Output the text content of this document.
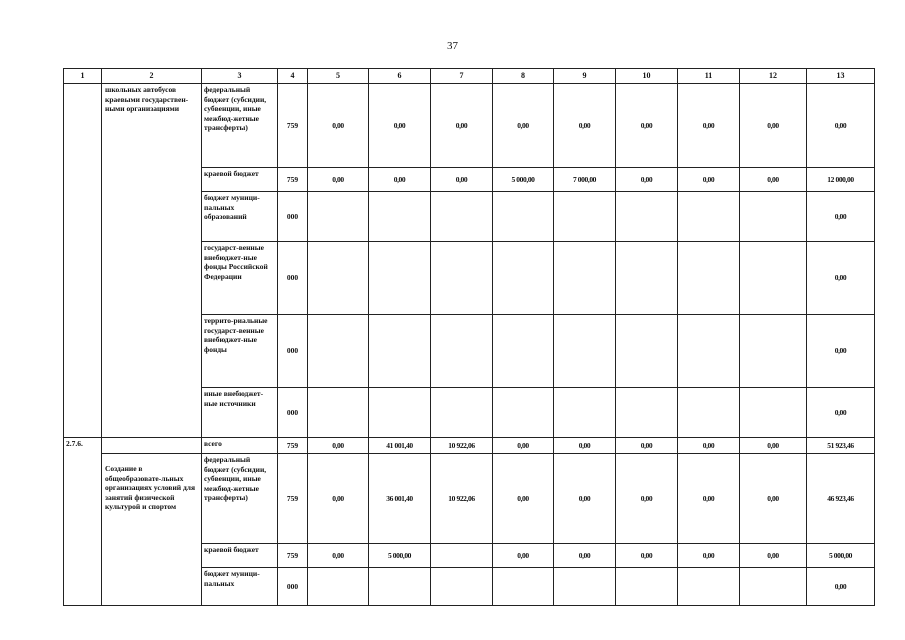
37
1	2	3	4	5	6	7	8	9	10	11	12	13
	школьных автобусов краевыми государствен-ными организациями	федеральный бюджет (субсидии, субвенции, иные межбюд-жетные трансферты)	759	0,00	0,00	0,00	0,00	0,00	0,00	0,00	0,00	0,00
		краевой бюджет	759	0,00	0,00	0,00	5 000,00	7 000,00	0,00	0,00	0,00	12 000,00
		бюджет муници-пальных образований	000									0,00
		государст-венные внебюджет-ные фонды Российской Федерации	000									0,00
		террито-риальные государст-венные внебюджет-ные фонды	000									0,00
		иные внебюджет-ные источники	000									0,00
2.7.6.		всего	759	0,00	41 001,40	10 922,06	0,00	0,00	0,00	0,00	0,00	51 923,46
	Создание в общеобразовате-льных организациях условий для занятий физической культурой и спортом	федеральный бюджет (субсидии, субвенции, иные межбюд-жетные трансферты)	759	0,00	36 001,40	10 922,06	0,00	0,00	0,00	0,00	0,00	46 923,46
		краевой бюджет	759	0,00	5 000,00		0,00	0,00	0,00	0,00	0,00	5 000,00
		бюджет муници-пальных	000									0,00
